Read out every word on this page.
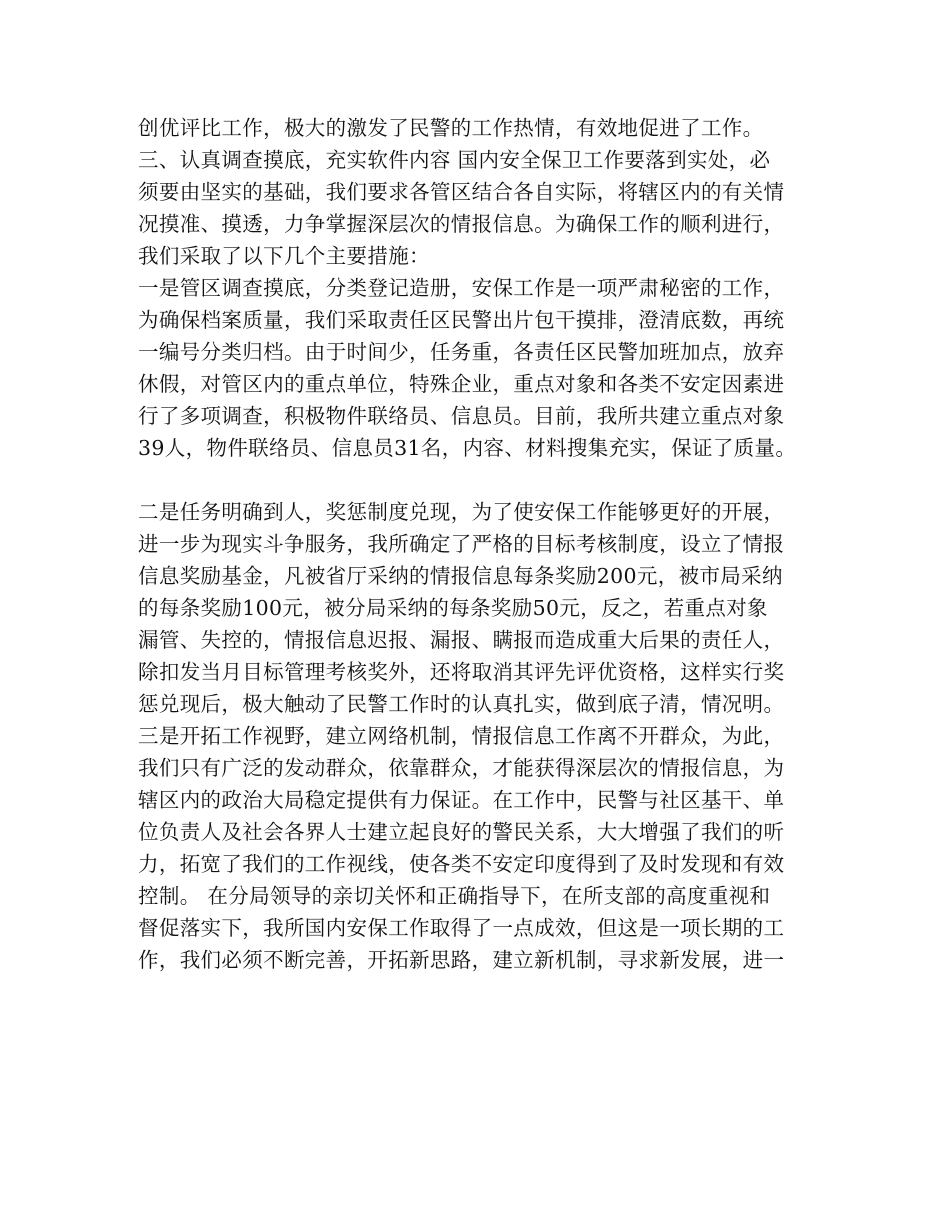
创优评比工作，极大的激发了民警的工作热情，有效地促进了工作。
三、认真调查摸底，充实软件内容 国内安全保卫工作要落到实处，必
须要由坚实的基础，我们要求各管区结合各自实际，将辖区内的有关情
况摸准、摸透，力争掌握深层次的情报信息。为确保工作的顺利进行，
我们采取了以下几个主要措施：
一是管区调查摸底，分类登记造册，安保工作是一项严肃秘密的工作，
为确保档案质量，我们采取责任区民警出片包干摸排，澄清底数，再统
一编号分类归档。由于时间少，任务重，各责任区民警加班加点，放弃
休假，对管区内的重点单位，特殊企业，重点对象和各类不安定因素进
行了多项调查，积极物件联络员、信息员。目前，我所共建立重点对象
39人，物件联络员、信息员31名，内容、材料搜集充实，保证了质量。
二是任务明确到人，奖惩制度兑现，为了使安保工作能够更好的开展，
进一步为现实斗争服务，我所确定了严格的目标考核制度，设立了情报
信息奖励基金，凡被省厅采纳的情报信息每条奖励200元，被市局采纳
的每条奖励100元，被分局采纳的每条奖励50元，反之，若重点对象
漏管、失控的，情报信息迟报、漏报、瞒报而造成重大后果的责任人，
除扣发当月目标管理考核奖外，还将取消其评先评优资格，这样实行奖
惩兑现后，极大触动了民警工作时的认真扎实，做到底子清，情况明。
三是开拓工作视野，建立网络机制，情报信息工作离不开群众，为此，
我们只有广泛的发动群众，依靠群众，才能获得深层次的情报信息，为
辖区内的政治大局稳定提供有力保证。在工作中，民警与社区基干、单
位负责人及社会各界人士建立起良好的警民关系，大大增强了我们的听
力，拓宽了我们的工作视线，使各类不安定印度得到了及时发现和有效
控制。 在分局领导的亲切关怀和正确指导下，在所支部的高度重视和
督促落实下，我所国内安保工作取得了一点成效，但这是一项长期的工
作，我们必须不断完善，开拓新思路，建立新机制，寻求新发展，进一
